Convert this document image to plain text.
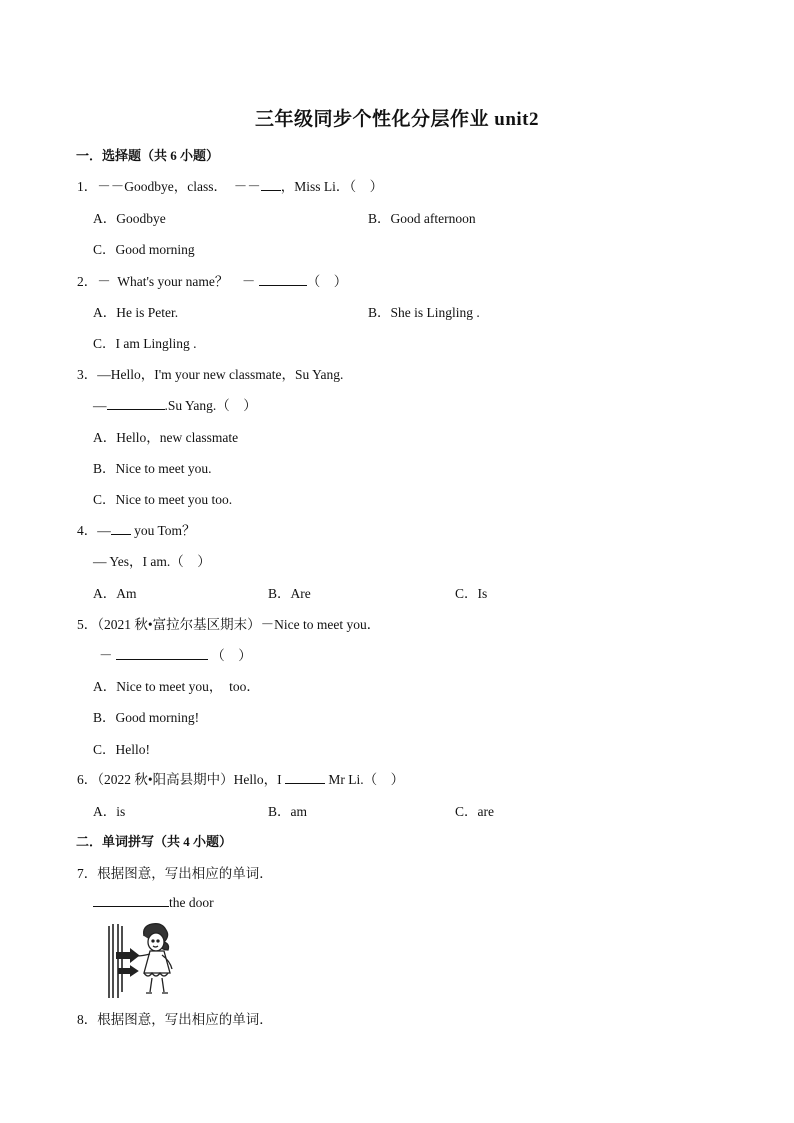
三年级同步个性化分层作业 unit2
一．选择题（共 6 小题）
1．－－Goodbye，class．  －－ ，Miss Li．（    ）
A．Goodbye	B．Good afternoon
C．Good morning
2．－  What's your name？    －	（    ）
A．He is Peter.	B．She is Lingling .
C．I am Lingling .
3．—Hello，I'm your new classmate，Su Yang.
—	.Su Yang.（    ）
A．Hello，new classmate
B．Nice to meet you.
C．Nice to meet you too.
4．— you Tom？
— Yes，I am.（    ）
A．Am	B．Are	C．Is
5．（2021 秋•富拉尔基区期末）－Nice to meet you．
－	（    ）
A．Nice to meet you，  too．
B．Good morning!
C．Hello!
6．（2022 秋•阳高县期中）Hello，I	Mr Li.（    ）
A．is	B．am	C．are
二．单词拼写（共 4 小题）
7．根据图意，写出相应的单词．
the door
8．根据图意，写出相应的单词．
